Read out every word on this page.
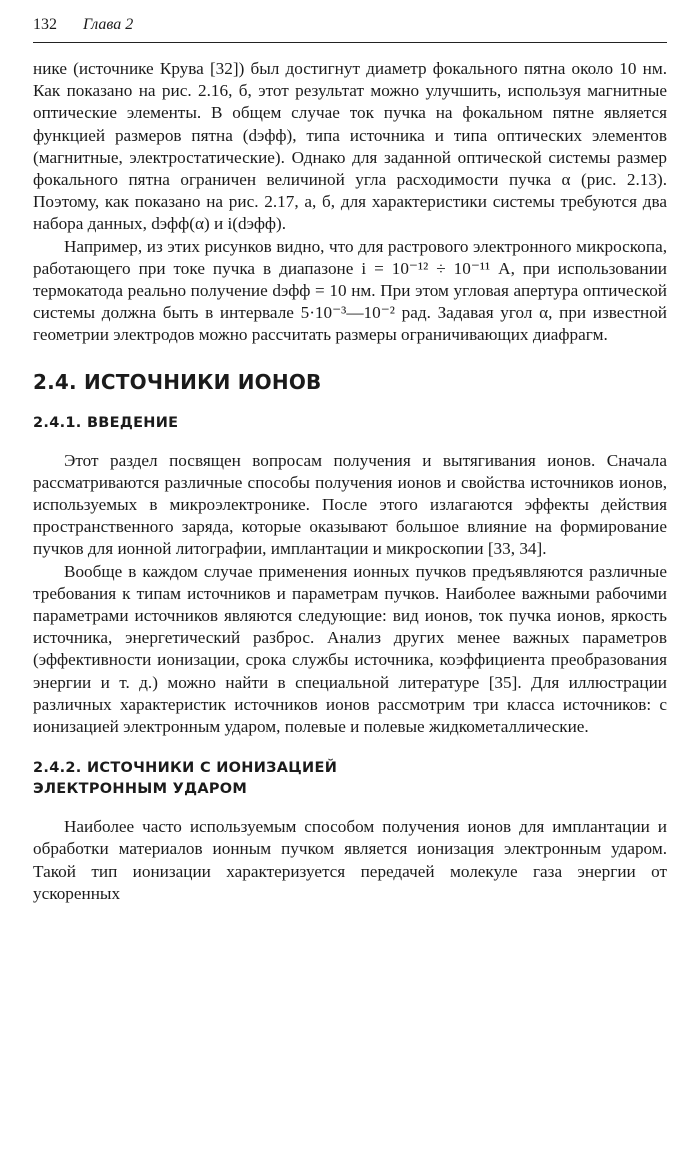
132 Глава 2

нике (источнике Крува [32]) был достигнут диаметр фокального пятна около 10 нм. Как показано на рис. 2.16, б, этот результат можно улучшить, используя магнитные оптические элементы. В общем случае ток пучка на фокальном пятне является функцией размеров пятна (dэфф), типа источника и типа оптических элементов (магнитные, электростатические). Однако для заданной оптической системы размер фокального пятна ограничен величиной угла расходимости пучка α (рис. 2.13). Поэтому, как показано на рис. 2.17, а, б, для характеристики системы требуются два набора данных, dэфф(α) и i(dэфф).

Например, из этих рисунков видно, что для растрового электронного микроскопа, работающего при токе пучка в диапазоне i = 10⁻¹² ÷ 10⁻¹¹ А, при использовании термокатода реально получение dэфф = 10 нм. При этом угловая апертура оптической системы должна быть в интервале 5·10⁻³—10⁻² рад. Задавая угол α, при известной геометрии электродов можно рассчитать размеры ограничивающих диафрагм.

2.4. ИСТОЧНИКИ ИОНОВ
2.4.1. ВВЕДЕНИЕ

Этот раздел посвящен вопросам получения и вытягивания ионов. Сначала рассматриваются различные способы получения ионов и свойства источников ионов, используемых в микроэлектронике. После этого излагаются эффекты действия пространственного заряда, которые оказывают большое влияние на формирование пучков для ионной литографии, имплантации и микроскопии [33, 34].

Вообще в каждом случае применения ионных пучков предъявляются различные требования к типам источников и параметрам пучков. Наиболее важными рабочими параметрами источников являются следующие: вид ионов, ток пучка ионов, яркость источника, энергетический разброс. Анализ других менее важных параметров (эффективности ионизации, срока службы источника, коэффициента преобразования энергии и т. д.) можно найти в специальной литературе [35]. Для иллюстрации различных характеристик источников ионов рассмотрим три класса источников: с ионизацией электронным ударом, полевые и полевые жидкометаллические.

2.4.2. ИСТОЧНИКИ С ИОНИЗАЦИЕЙ
ЭЛЕКТРОННЫМ УДАРОМ

Наиболее часто используемым способом получения ионов для имплантации и обработки материалов ионным пучком является ионизация электронным ударом. Такой тип ионизации характеризуется передачей молекуле газа энергии от ускоренных
